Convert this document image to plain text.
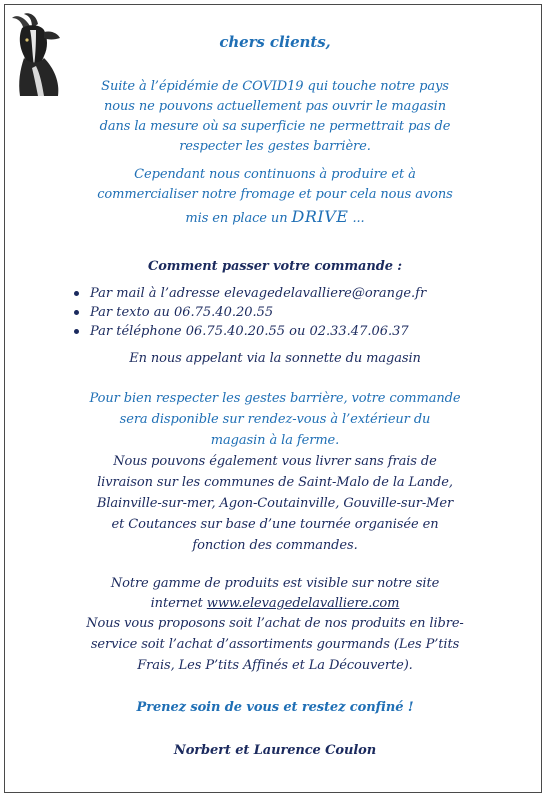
chers clients,
Suite à l’épidémie de COVID19 qui touche notre pays
nous ne pouvons actuellement pas ouvrir le magasin
dans la mesure où sa superficie ne permettrait pas de
respecter les gestes barrière.
Cependant nous continuons à produire et à
commercialiser notre fromage et pour cela nous avons
mis en place un DRIVE ...
Comment passer votre commande :
Par mail à l’adresse elevagedelavalliere@orange.fr
Par texto au 06.75.40.20.55
Par téléphone 06.75.40.20.55 ou 02.33.47.06.37
En nous appelant via la sonnette du magasin
Pour bien respecter les gestes barrière, votre commande
sera disponible sur rendez-vous à l’extérieur du
magasin à la ferme.
Nous pouvons également vous livrer sans frais de
livraison sur les communes de Saint-Malo de la Lande,
Blainville-sur-mer, Agon-Coutainville, Gouville-sur-Mer
et Coutances sur base d’une tournée organisée en
fonction des commandes.
Notre gamme de produits est visible sur notre site
internet www.elevagedelavalliere.com
Nous vous proposons soit l’achat de nos produits en libre-
service soit l’achat d’assortiments gourmands (Les P’tits
Frais, Les P’tits Affinés et La Découverte).
Prenez soin de vous et restez confiné !
Norbert et Laurence Coulon
